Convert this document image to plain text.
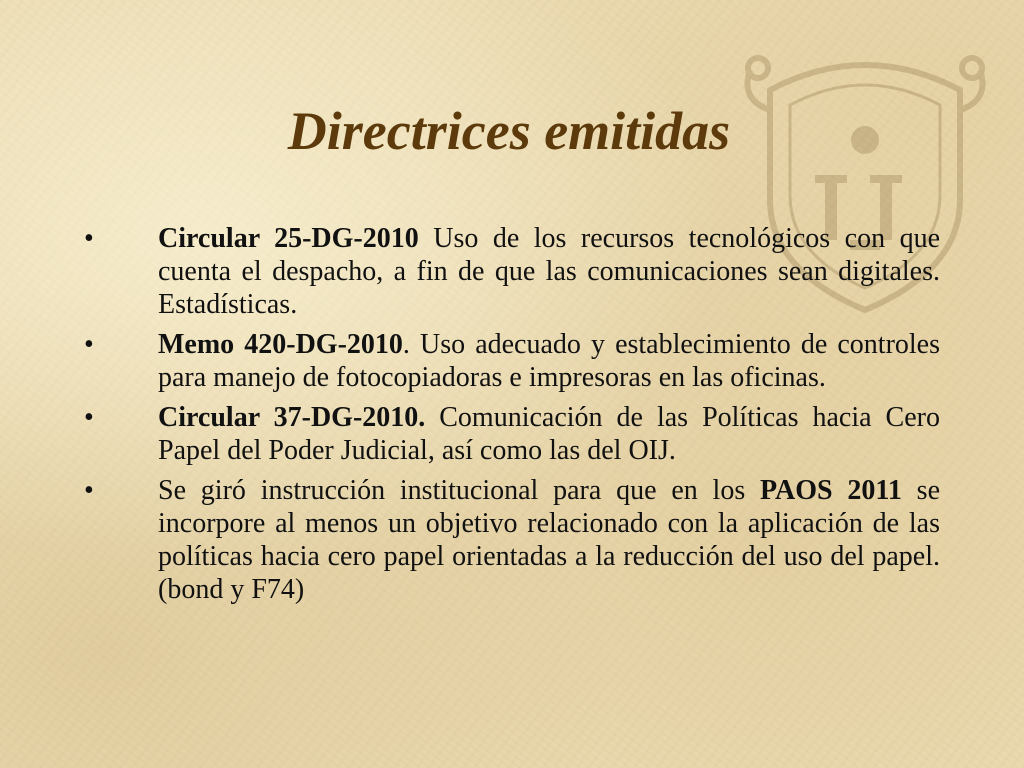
Directrices emitidas
•	Circular 25-DG-2010 Uso de los recursos tecnológicos con que cuenta el despacho, a fin de que las comunicaciones sean digitales. Estadísticas.
•	Memo 420-DG-2010. Uso adecuado y establecimiento de controles para manejo de fotocopiadoras e impresoras en las oficinas.
•	Circular 37-DG-2010. Comunicación de las Políticas hacia Cero Papel del Poder Judicial, así como las del OIJ.
•	Se giró instrucción institucional para que en los PAOS 2011 se incorpore al menos un objetivo relacionado con la aplicación de las políticas hacia cero papel orientadas a la reducción del uso del papel. (bond y F74)
